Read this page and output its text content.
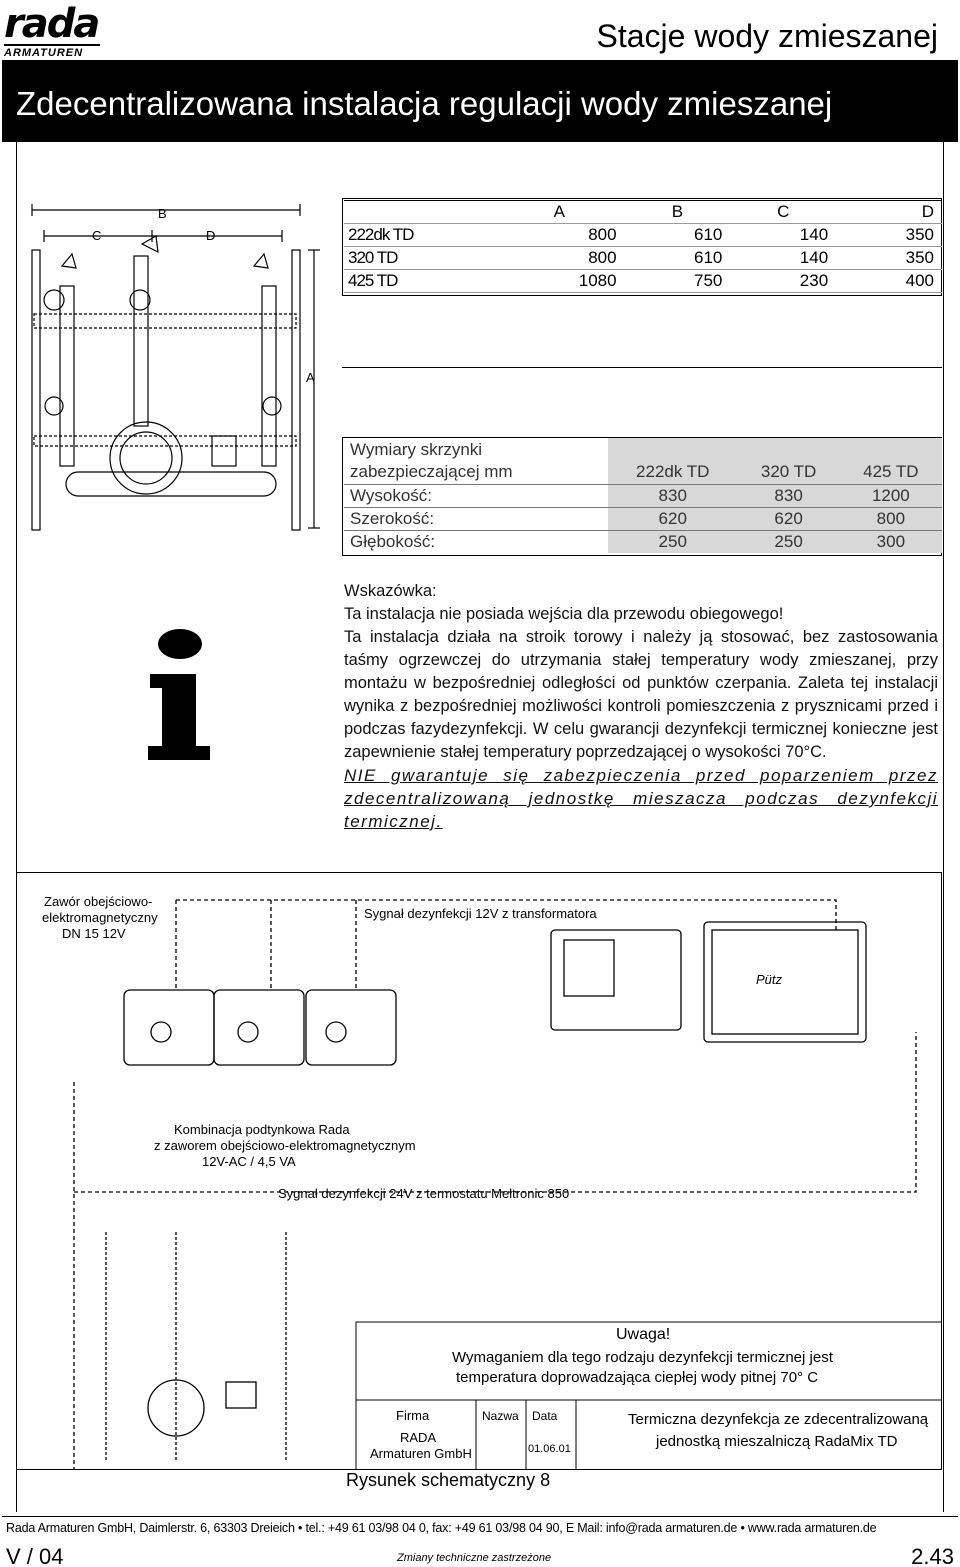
rada
ARMATUREN	Stacje wody zmieszanej
Zdecentralizowana instalacja regulacji wody zmieszanej
B
C	D
A
	A	B	C	D
222dk TD	800	610	140	350
320 TD	800	610	140	350
425 TD	1080	750	230	400
Wymiary skrzynki			
zabezpieczającej mm	222dk TD	320 TD	425 TD
Wysokość:	830	830	1200
Szerokość:	620	620	800
Głębokość:	250	250	300

Wskazówka:

Ta instalacja nie posiada wejścia dla przewodu obiegowego!

Ta instalacja działa na stroik torowy i należy ją stosować, bez zastosowania taśmy ogrzewczej do utrzymania stałej temperatury wody zmieszanej, przy montażu w bezpośredniej odległości od punktów czerpania. Zaleta tej instalacji wynika z bezpośredniej możliwości kontroli pomieszczenia z prysznicami przed i podczas fazydezynfekcji. W celu gwarancji dezynfekcji termicznej konieczne jest zapewnienie stałej temperatury poprzedzającej o wysokości 70°C.

NIE gwarantuje się zabezpieczenia przed poparzeniem przez zdecentralizowaną jednostkę mieszacza podczas dezynfekcji termicznej.

Zawór obejściowo-
elektromagnetyczny
DN 15 12V
Sygnał dezynfekcji 12V z transformatora
Kombinacja podtynkowa Rada
z zaworem obejściowo-elektromagnetycznym
12V-AC / 4,5 VA
Sygnał dezynfekcji 24V z termostatu Meltronic 850
Pütz
Uwaga!
Wymaganiem dla tego rodzaju dezynfekcji termicznej jest
temperatura doprowadzająca ciepłej wody pitnej 70° C
Firma	Nazwa Data
RADA
Armaturen GmbH	01.06.01
Termiczna dezynfekcja ze zdecentralizowaną
jednostką mieszalniczą RadaMix TD
Rysunek schematyczny 8
Rada Armaturen GmbH, Daimlerstr. 6, 63303 Dreieich • tel.: +49 61 03/98 04 0, fax: +49 61 03/98 04 90, E Mail: info@rada armaturen.de • www.rada armaturen.de
V / 04	Zmiany techniczne zastrzeżone	2.43
